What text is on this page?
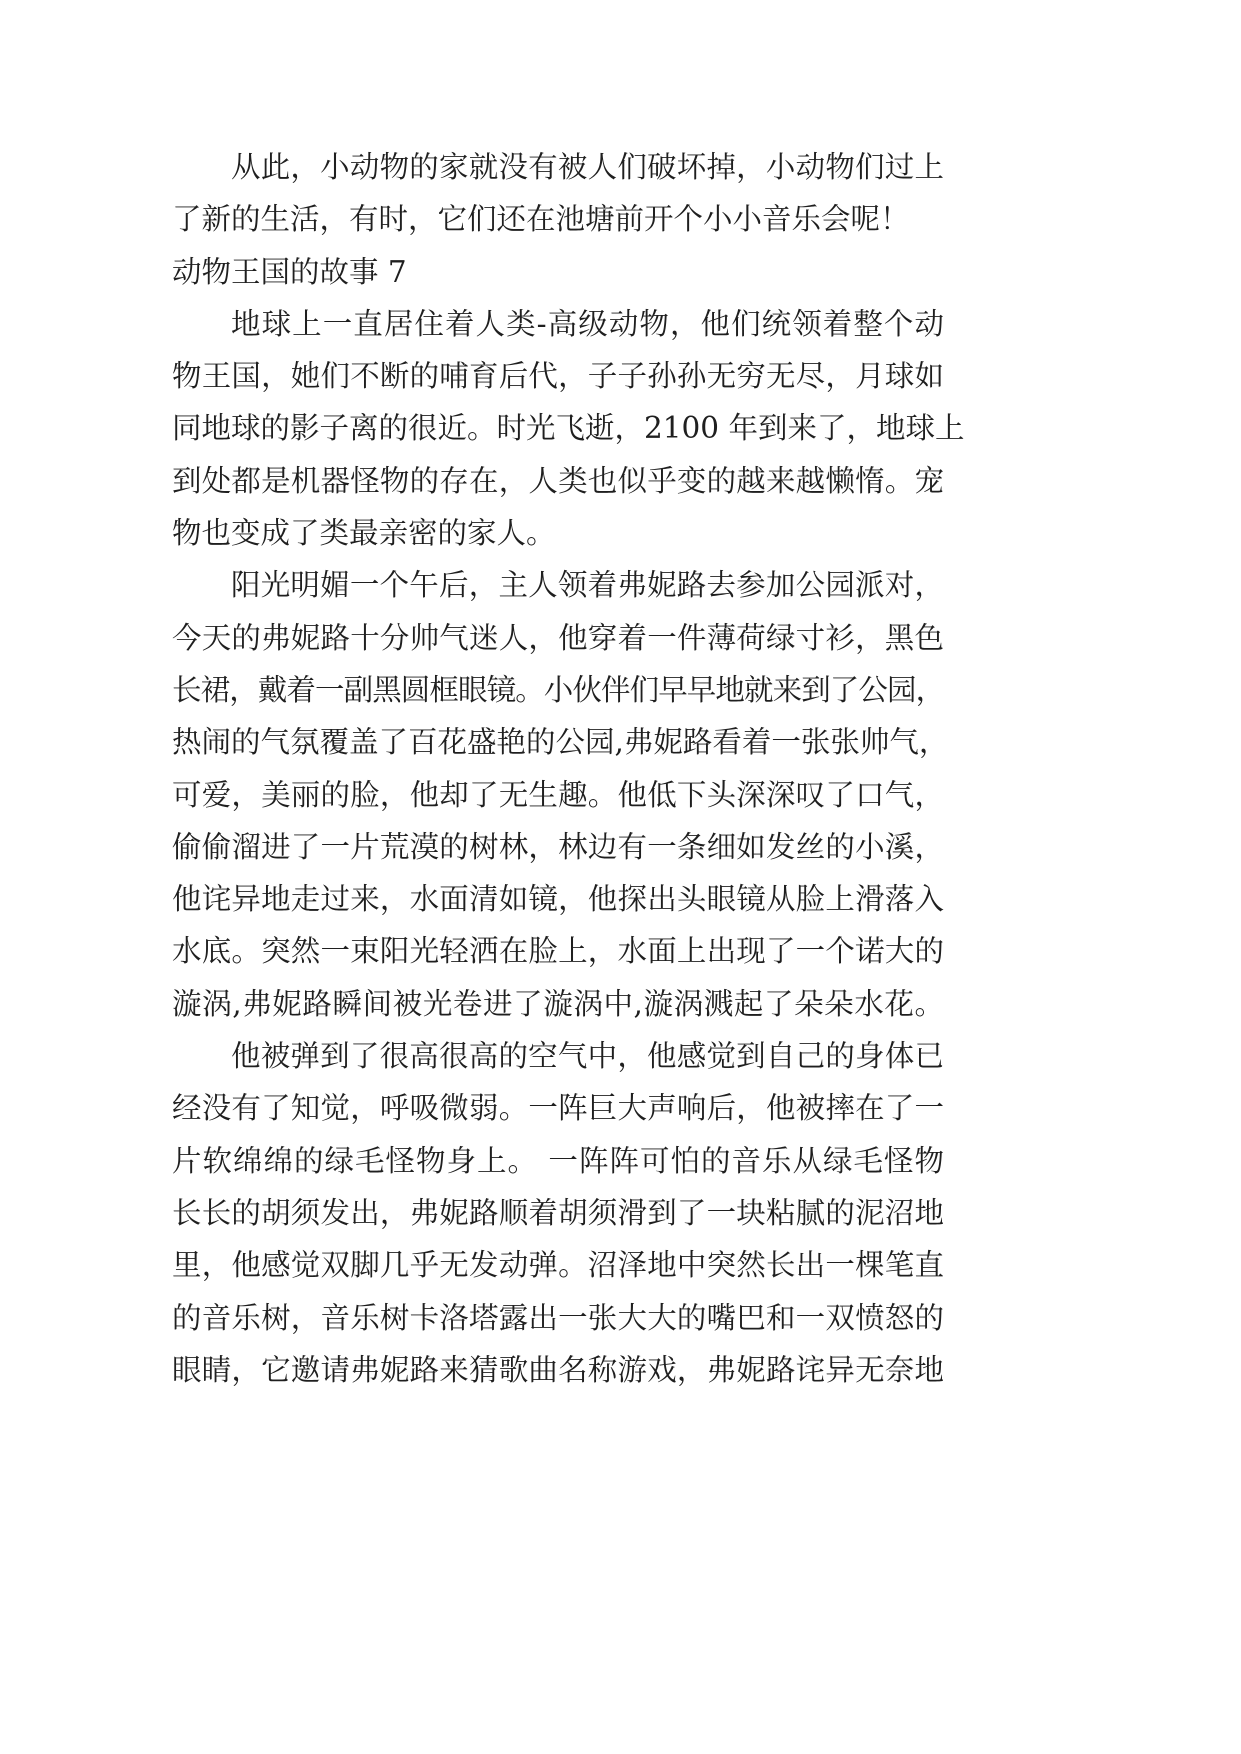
从此，小动物的家就没有被人们破坏掉，小动物们过上
了新的生活，有时，它们还在池塘前开个小小音乐会呢！
动物王国的故事 7
地球上一直居住着人类-高级动物，他们统领着整个动
物王国，她们不断的哺育后代，子子孙孙无穷无尽，月球如
同地球的影子离的很近。时光飞逝，2100 年到来了，地球上
到处都是机器怪物的存在，人类也似乎变的越来越懒惰。宠
物也变成了类最亲密的家人。
阳光明媚一个午后，主人领着弗妮路去参加公园派对，
今天的弗妮路十分帅气迷人，他穿着一件薄荷绿寸衫，黑色
长裙，戴着一副黑圆框眼镜。小伙伴们早早地就来到了公园，
热闹的气氛覆盖了百花盛艳的公园,弗妮路看着一张张帅气，
可爱，美丽的脸，他却了无生趣。他低下头深深叹了口气，
偷偷溜进了一片荒漠的树林，林边有一条细如发丝的小溪，
他诧异地走过来，水面清如镜，他探出头眼镜从脸上滑落入
水底。突然一束阳光轻洒在脸上，水面上出现了一个诺大的
漩涡,弗妮路瞬间被光卷进了漩涡中,漩涡溅起了朵朵水花。
他被弹到了很高很高的空气中，他感觉到自己的身体已
经没有了知觉，呼吸微弱。一阵巨大声响后，他被摔在了一
片软绵绵的绿毛怪物身上。 一阵阵可怕的音乐从绿毛怪物
长长的胡须发出，弗妮路顺着胡须滑到了一块粘腻的泥沼地
里，他感觉双脚几乎无发动弹。沼泽地中突然长出一棵笔直
的音乐树，音乐树卡洛塔露出一张大大的嘴巴和一双愤怒的
眼睛，它邀请弗妮路来猜歌曲名称游戏，弗妮路诧异无奈地
